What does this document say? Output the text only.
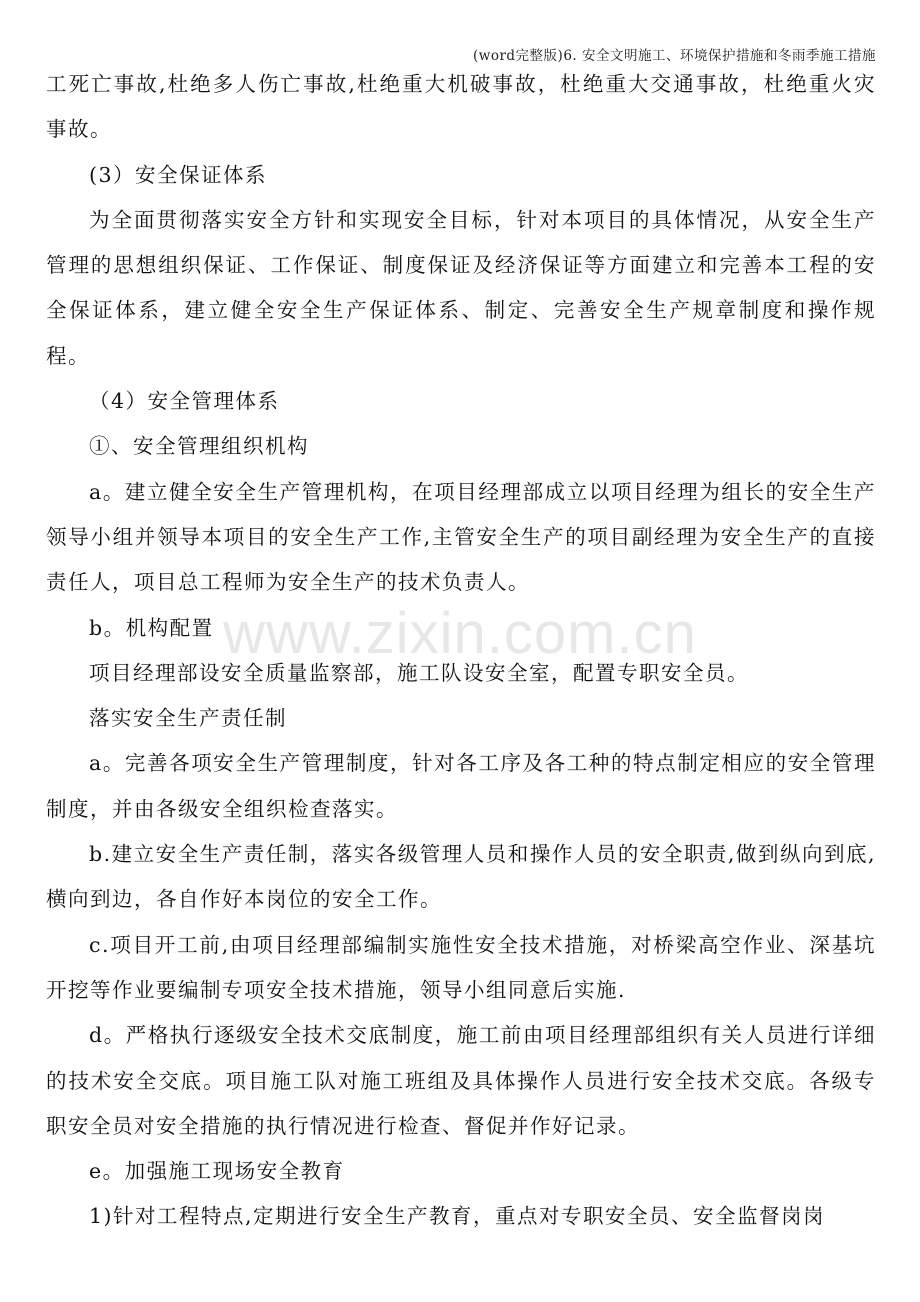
(word完整版)6. 安全文明施工、环境保护措施和冬雨季施工措施

工死亡事故,杜绝多人伤亡事故,杜绝重大机破事故，杜绝重大交通事故，杜绝重火灾事故。

(3）安全保证体系

为全面贯彻落实安全方针和实现安全目标，针对本项目的具体情况，从安全生产管理的思想组织保证、工作保证、制度保证及经济保证等方面建立和完善本工程的安全保证体系，建立健全安全生产保证体系、制定、完善安全生产规章制度和操作规程。

（4）安全管理体系

①、安全管理组织机构

a。建立健全安全生产管理机构，在项目经理部成立以项目经理为组长的安全生产领导小组并领导本项目的安全生产工作,主管安全生产的项目副经理为安全生产的直接责任人，项目总工程师为安全生产的技术负责人。

b。机构配置

项目经理部设安全质量监察部，施工队设安全室，配置专职安全员。

落实安全生产责任制

a。完善各项安全生产管理制度，针对各工序及各工种的特点制定相应的安全管理制度，并由各级安全组织检查落实。

b.建立安全生产责任制，落实各级管理人员和操作人员的安全职责,做到纵向到底,横向到边，各自作好本岗位的安全工作。

c.项目开工前,由项目经理部编制实施性安全技术措施，对桥梁高空作业、深基坑开挖等作业要编制专项安全技术措施，领导小组同意后实施.

d。严格执行逐级安全技术交底制度，施工前由项目经理部组织有关人员进行详细的技术安全交底。项目施工队对施工班组及具体操作人员进行安全技术交底。各级专职安全员对安全措施的执行情况进行检查、督促并作好记录。

e。加强施工现场安全教育

1)针对工程特点,定期进行安全生产教育，重点对专职安全员、安全监督岗岗

www.zixin.com.cn
